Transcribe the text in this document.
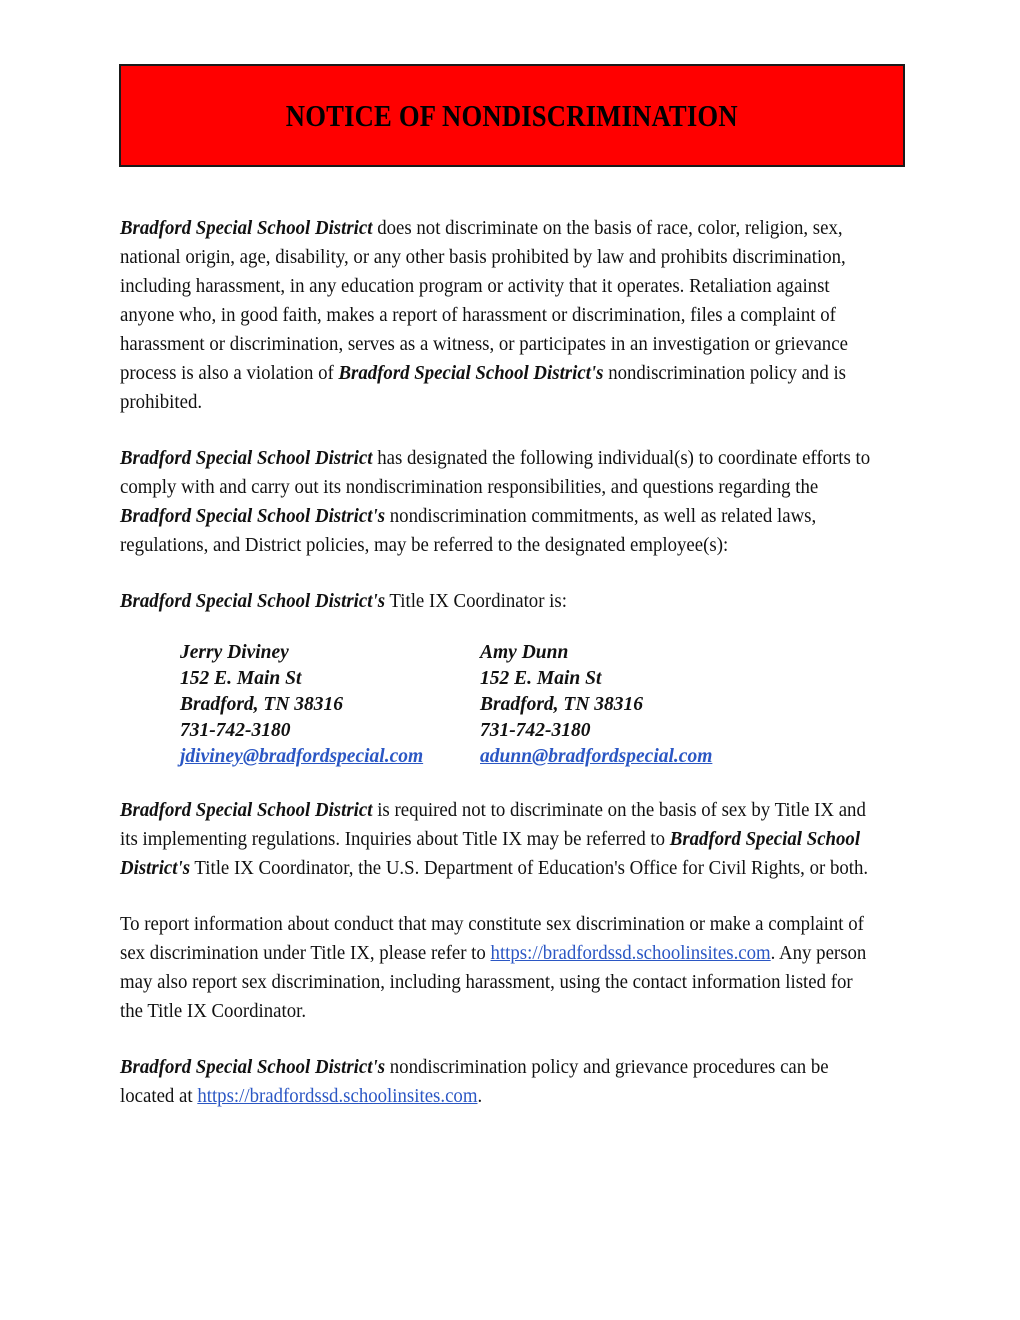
NOTICE OF NONDISCRIMINATION

Bradford Special School District does not discriminate on the basis of race, color, religion, sex, national origin, age, disability, or any other basis prohibited by law and prohibits discrimination, including harassment, in any education program or activity that it operates. Retaliation against anyone who, in good faith, makes a report of harassment or discrimination, files a complaint of harassment or discrimination, serves as a witness, or participates in an investigation or grievance process is also a violation of Bradford Special School District's nondiscrimination policy and is prohibited.

Bradford Special School District has designated the following individual(s) to coordinate efforts to comply with and carry out its nondiscrimination responsibilities, and questions regarding the Bradford Special School District's nondiscrimination commitments, as well as related laws, regulations, and District policies, may be referred to the designated employee(s):

Bradford Special School District's Title IX Coordinator is:

Jerry Diviney
152 E. Main St
Bradford, TN 38316
731-742-3180
jdiviney@bradfordspecial.com
Amy Dunn
152 E. Main St
Bradford, TN 38316
731-742-3180
adunn@bradfordspecial.com

Bradford Special School District is required not to discriminate on the basis of sex by Title IX and its implementing regulations. Inquiries about Title IX may be referred to Bradford Special School District's Title IX Coordinator, the U.S. Department of Education's Office for Civil Rights, or both.

To report information about conduct that may constitute sex discrimination or make a complaint of sex discrimination under Title IX, please refer to https://bradfordssd.schoolinsites.com. Any person may also report sex discrimination, including harassment, using the contact information listed for the Title IX Coordinator.

Bradford Special School District's nondiscrimination policy and grievance procedures can be located at https://bradfordssd.schoolinsites.com.
